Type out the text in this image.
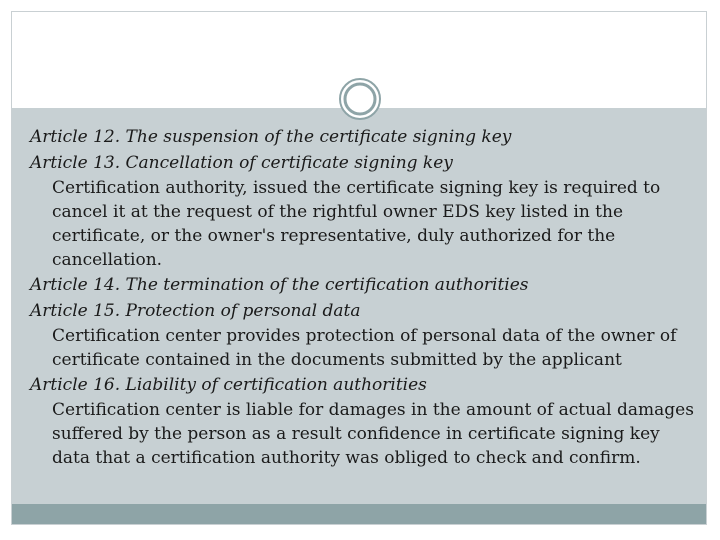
Article 12. The suspension of the certificate signing key

Article 13. Cancellation of certificate signing key

Certification authority, issued the certificate signing key is required to cancel it at the request of the rightful owner EDS key listed in the certificate, or the owner's representative, duly authorized for the cancellation.

Article 14. The termination of the certification authorities

Article 15. Protection of personal data

Certification center provides protection of personal data of the owner of certificate contained in the documents submitted by the applicant

Article 16. Liability of certification authorities

Certification center is liable for damages in the amount of actual damages suffered by the person as a result confidence in certificate signing key data that a certification authority was obliged to check and confirm.
